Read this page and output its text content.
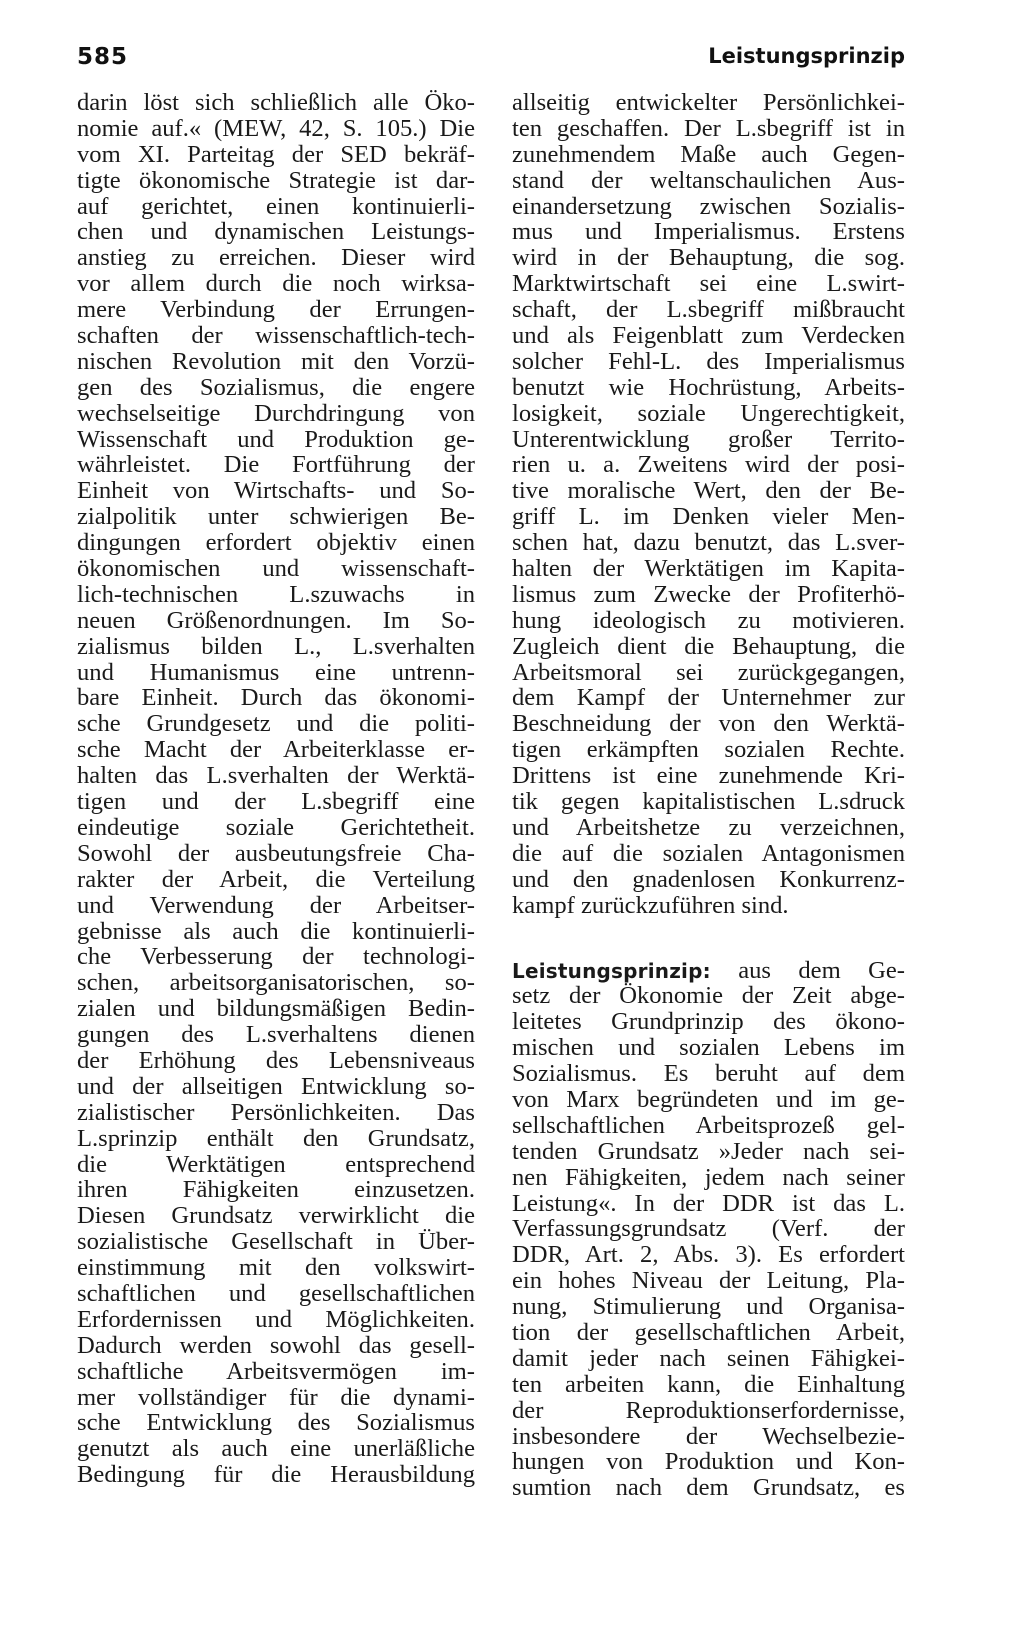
585	Leistungsprinzip
darin löst sich schließlich alle Öko-
nomie auf.« (MEW, 42, S. 105.) Die
vom XI. Parteitag der SED bekräf-
tigte ökonomische Strategie ist dar-
auf gerichtet, einen kontinuierli-
chen und dynamischen Leistungs-
anstieg zu erreichen. Dieser wird
vor allem durch die noch wirksa-
mere Verbindung der Errungen-
schaften der wissenschaftlich-tech-
nischen Revolution mit den Vorzü-
gen des Sozialismus, die engere
wechselseitige Durchdringung von
Wissenschaft und Produktion ge-
währleistet. Die Fortführung der
Einheit von Wirtschafts- und So-
zialpolitik unter schwierigen Be-
dingungen erfordert objektiv einen
ökonomischen und wissenschaft-
lich-technischen L.szuwachs in
neuen Größenordnungen. Im So-
zialismus bilden L., L.sverhalten
und Humanismus eine untrenn-
bare Einheit. Durch das ökonomi-
sche Grundgesetz und die politi-
sche Macht der Arbeiterklasse er-
halten das L.sverhalten der Werktä-
tigen und der L.sbegriff eine
eindeutige soziale Gerichtetheit.
Sowohl der ausbeutungsfreie Cha-
rakter der Arbeit, die Verteilung
und Verwendung der Arbeitser-
gebnisse als auch die kontinuierli-
che Verbesserung der technologi-
schen, arbeitsorganisatorischen, so-
zialen und bildungsmäßigen Bedin-
gungen des L.sverhaltens dienen
der Erhöhung des Lebensniveaus
und der allseitigen Entwicklung so-
zialistischer Persönlichkeiten. Das
L.sprinzip enthält den Grundsatz,
die Werktätigen entsprechend
ihren Fähigkeiten einzusetzen.
Diesen Grundsatz verwirklicht die
sozialistische Gesellschaft in Über-
einstimmung mit den volkswirt-
schaftlichen und gesellschaftlichen
Erfordernissen und Möglichkeiten.
Dadurch werden sowohl das gesell-
schaftliche Arbeitsvermögen im-
mer vollständiger für die dynami-
sche Entwicklung des Sozialismus
genutzt als auch eine unerläßliche
Bedingung für die Herausbildung
allseitig entwickelter Persönlichkei-
ten geschaffen. Der L.sbegriff ist in
zunehmendem Maße auch Gegen-
stand der weltanschaulichen Aus-
einandersetzung zwischen Sozialis-
mus und Imperialismus. Erstens
wird in der Behauptung, die sog.
Marktwirtschaft sei eine L.swirt-
schaft, der L.sbegriff mißbraucht
und als Feigenblatt zum Verdecken
solcher Fehl-L. des Imperialismus
benutzt wie Hochrüstung, Arbeits-
losigkeit, soziale Ungerechtigkeit,
Unterentwicklung großer Territo-
rien u. a. Zweitens wird der posi-
tive moralische Wert, den der Be-
griff L. im Denken vieler Men-
schen hat, dazu benutzt, das L.sver-
halten der Werktätigen im Kapita-
lismus zum Zwecke der Profiterhö-
hung ideologisch zu motivieren.
Zugleich dient die Behauptung, die
Arbeitsmoral sei zurückgegangen,
dem Kampf der Unternehmer zur
Beschneidung der von den Werktä-
tigen erkämpften sozialen Rechte.
Drittens ist eine zunehmende Kri-
tik gegen kapitalistischen L.sdruck
und Arbeitshetze zu verzeichnen,
die auf die sozialen Antagonismen
und den gnadenlosen Konkurrenz-
kampf zurückzuführen sind.
Leistungsprinzip: aus dem Ge-
setz der Ökonomie der Zeit abge-
leitetes Grundprinzip des ökono-
mischen und sozialen Lebens im
Sozialismus. Es beruht auf dem
von Marx begründeten und im ge-
sellschaftlichen Arbeitsprozeß gel-
tenden Grundsatz »Jeder nach sei-
nen Fähigkeiten, jedem nach seiner
Leistung«. In der DDR ist das L.
Verfassungsgrundsatz (Verf. der
DDR, Art. 2, Abs. 3). Es erfordert
ein hohes Niveau der Leitung, Pla-
nung, Stimulierung und Organisa-
tion der gesellschaftlichen Arbeit,
damit jeder nach seinen Fähigkei-
ten arbeiten kann, die Einhaltung
der Reproduktionserfordernisse,
insbesondere der Wechselbezie-
hungen von Produktion und Kon-
sumtion nach dem Grundsatz, es
